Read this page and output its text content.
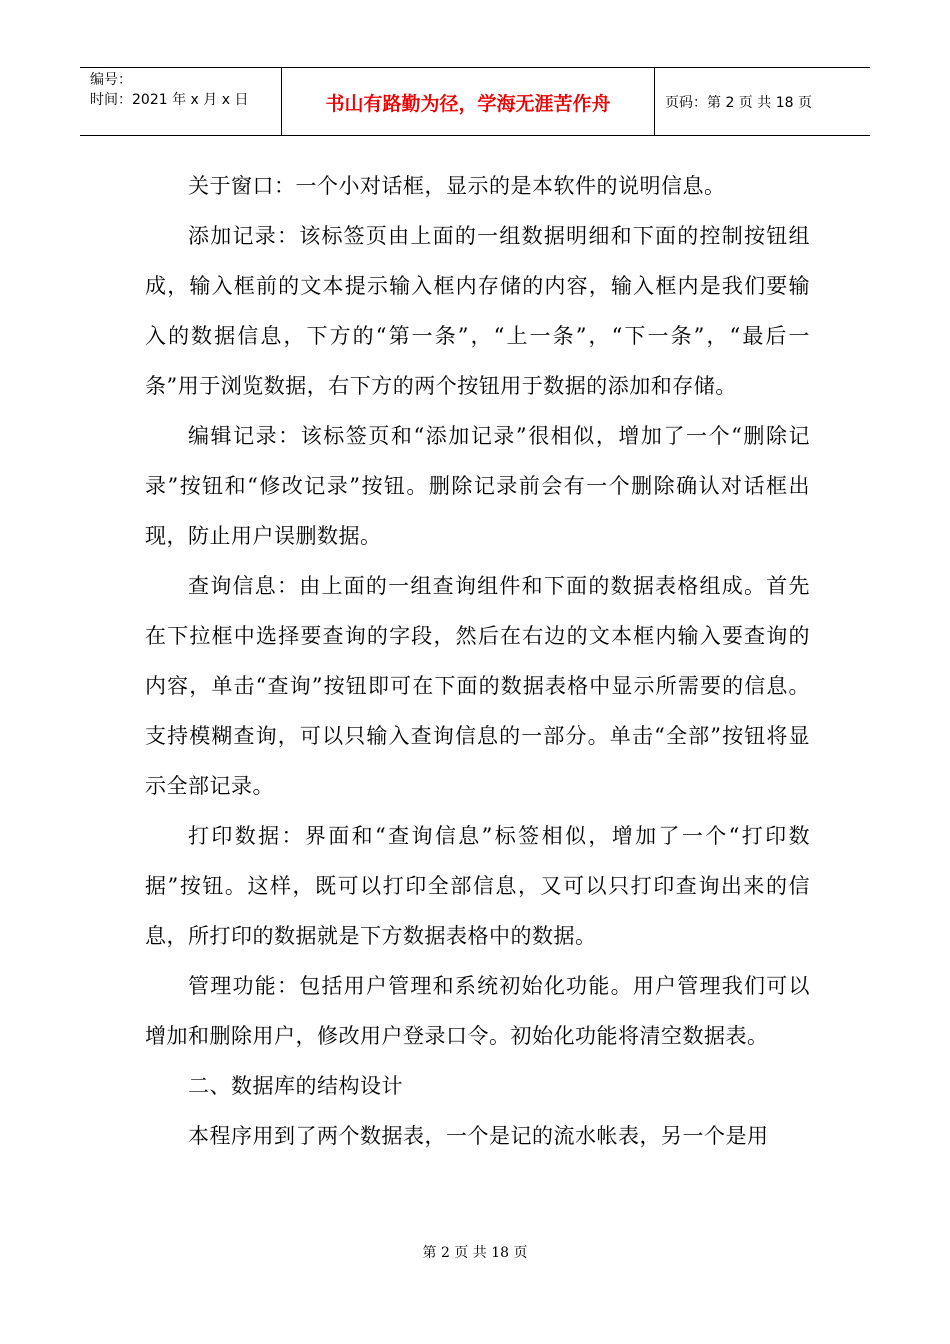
编号：
时间：2021 年 x 月 x 日	书山有路勤为径，学海无涯苦作舟	页码：第 2 页 共 18 页

关于窗口：一个小对话框，显示的是本软件的说明信息。

添加记录：该标签页由上面的一组数据明细和下面的控制按钮组成，输入框前的文本提示输入框内存储的内容，输入框内是我们要输入的数据信息，下方的“第一条”，“上一条”，“下一条”，“最后一条”用于浏览数据，右下方的两个按钮用于数据的添加和存储。

编辑记录：该标签页和“添加记录”很相似，增加了一个“删除记录”按钮和“修改记录”按钮。删除记录前会有一个删除确认对话框出现，防止用户误删数据。

查询信息：由上面的一组查询组件和下面的数据表格组成。首先在下拉框中选择要查询的字段，然后在右边的文本框内输入要查询的内容，单击“查询”按钮即可在下面的数据表格中显示所需要的信息。支持模糊查询，可以只输入查询信息的一部分。单击“全部”按钮将显示全部记录。

打印数据：界面和“查询信息”标签相似，增加了一个“打印数据”按钮。这样，既可以打印全部信息，又可以只打印查询出来的信息，所打印的数据就是下方数据表格中的数据。

管理功能：包括用户管理和系统初始化功能。用户管理我们可以增加和删除用户，修改用户登录口令。初始化功能将清空数据表。

二、数据库的结构设计

本程序用到了两个数据表，一个是记的流水帐表，另一个是用

第 2 页 共 18 页
